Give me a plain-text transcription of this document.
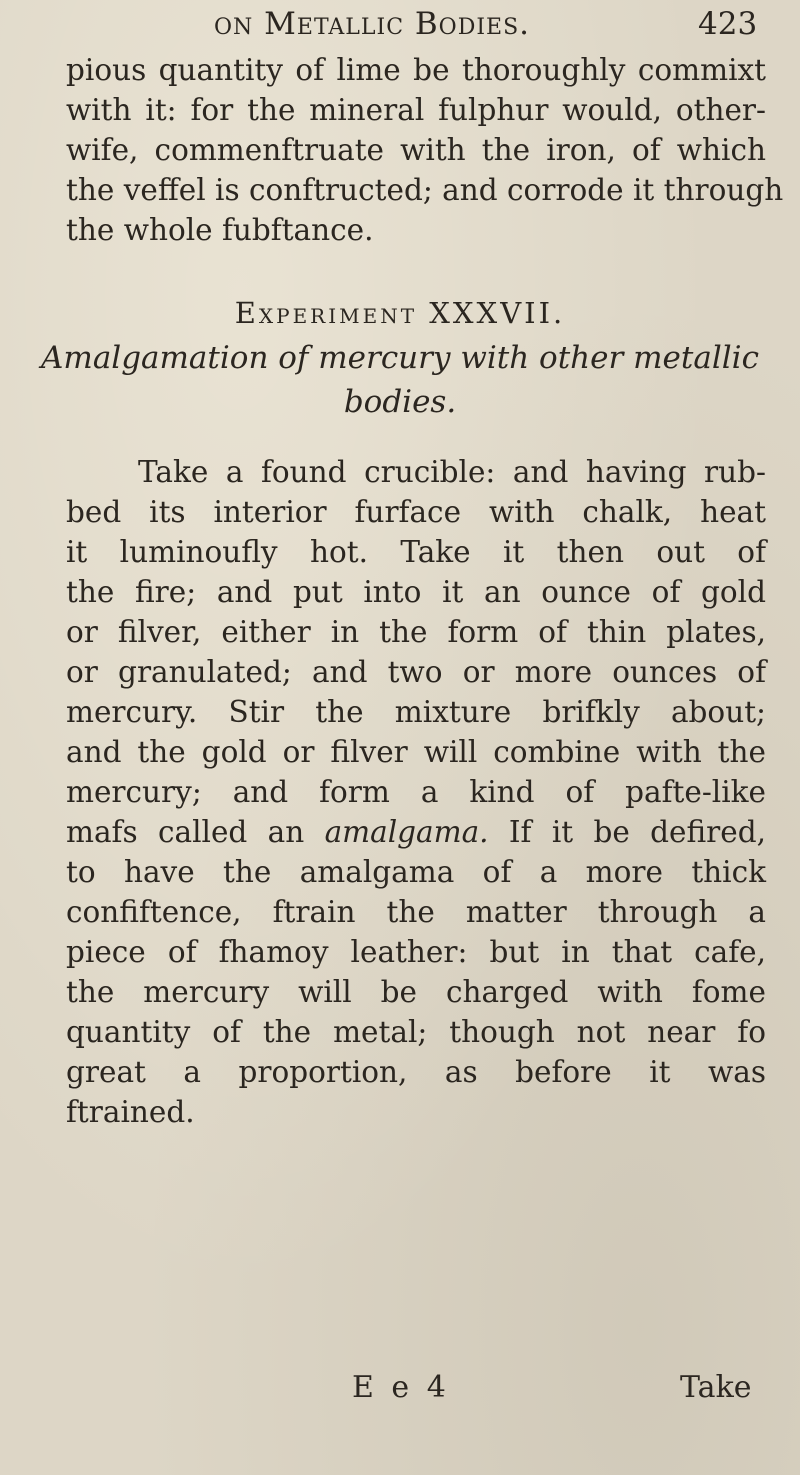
on Metallic Bodies.	423
pious quantity of lime be thoroughly commixt
with it: for the mineral fulphur would, other-
wife, commenftruate with the iron, of which
the veffel is conftructed; and corrode it through
the whole fubftance.
Experiment XXXVII.
Amalgamation of mercury with other metallic
bodies.
Take a found crucible: and having rub-
bed its interior furface with chalk, heat
it luminoufly hot. Take it then out of
the fire; and put into it an ounce of gold
or filver, either in the form of thin plates,
or granulated; and two or more ounces of
mercury. Stir the mixture brifkly about;
and the gold or filver will combine with the
mercury; and form a kind of pafte-like
mafs called an amalgama. If it be defired,
to have the amalgama of a more thick
confiftence, ftrain the matter through a
piece of fhamoy leather: but in that cafe,
the mercury will be charged with fome
quantity of the metal; though not near fo
great a proportion, as before it was
ftrained.
E e 4	Take
